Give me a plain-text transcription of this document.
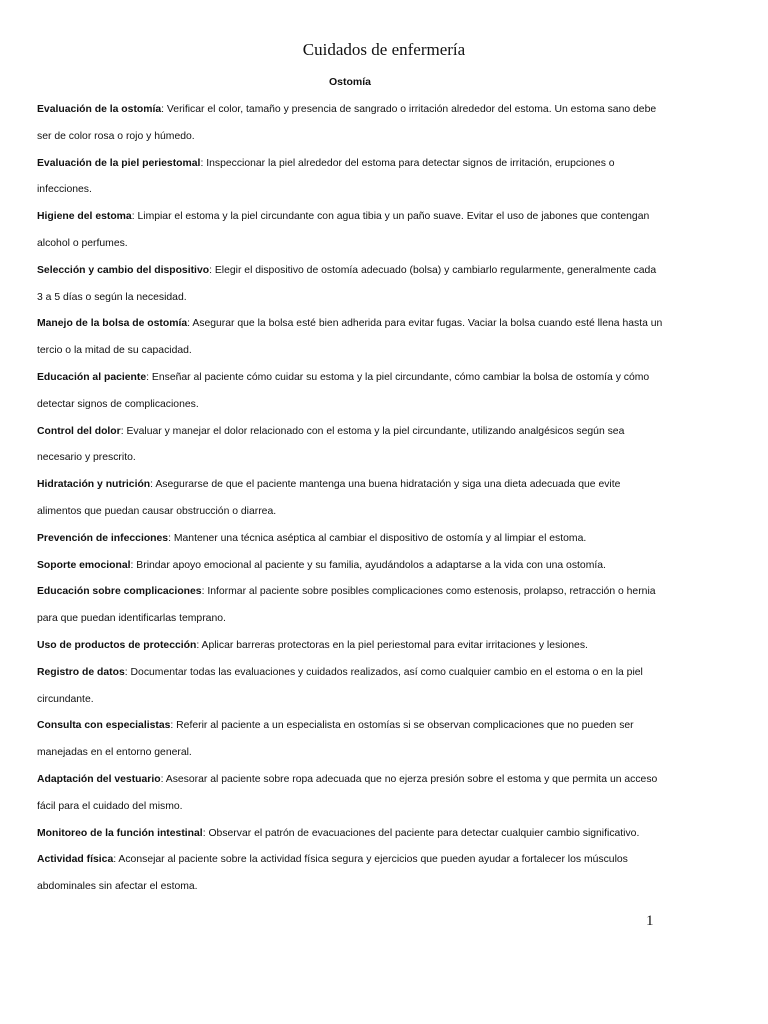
Cuidados de enfermería
Ostomía

Evaluación de la ostomía: Verificar el color, tamaño y presencia de sangrado o irritación alrededor del estoma. Un estoma sano debe ser de color rosa o rojo y húmedo.

Evaluación de la piel periestomal: Inspeccionar la piel alrededor del estoma para detectar signos de irritación, erupciones o infecciones.

Higiene del estoma: Limpiar el estoma y la piel circundante con agua tibia y un paño suave. Evitar el uso de jabones que contengan alcohol o perfumes.

Selección y cambio del dispositivo: Elegir el dispositivo de ostomía adecuado (bolsa) y cambiarlo regularmente, generalmente cada 3 a 5 días o según la necesidad.

Manejo de la bolsa de ostomía: Asegurar que la bolsa esté bien adherida para evitar fugas. Vaciar la bolsa cuando esté llena hasta un tercio o la mitad de su capacidad.

Educación al paciente: Enseñar al paciente cómo cuidar su estoma y la piel circundante, cómo cambiar la bolsa de ostomía y cómo detectar signos de complicaciones.

Control del dolor: Evaluar y manejar el dolor relacionado con el estoma y la piel circundante, utilizando analgésicos según sea necesario y prescrito.

Hidratación y nutrición: Asegurarse de que el paciente mantenga una buena hidratación y siga una dieta adecuada que evite alimentos que puedan causar obstrucción o diarrea.

Prevención de infecciones: Mantener una técnica aséptica al cambiar el dispositivo de ostomía y al limpiar el estoma.

Soporte emocional: Brindar apoyo emocional al paciente y su familia, ayudándolos a adaptarse a la vida con una ostomía.

Educación sobre complicaciones: Informar al paciente sobre posibles complicaciones como estenosis, prolapso, retracción o hernia para que puedan identificarlas temprano.

Uso de productos de protección: Aplicar barreras protectoras en la piel periestomal para evitar irritaciones y lesiones.

Registro de datos: Documentar todas las evaluaciones y cuidados realizados, así como cualquier cambio en el estoma o en la piel circundante.

Consulta con especialistas: Referir al paciente a un especialista en ostomías si se observan complicaciones que no pueden ser manejadas en el entorno general.

Adaptación del vestuario: Asesorar al paciente sobre ropa adecuada que no ejerza presión sobre el estoma y que permita un acceso fácil para el cuidado del mismo.

Monitoreo de la función intestinal: Observar el patrón de evacuaciones del paciente para detectar cualquier cambio significativo.

Actividad física: Aconsejar al paciente sobre la actividad física segura y ejercicios que pueden ayudar a fortalecer los músculos abdominales sin afectar el estoma.

1
